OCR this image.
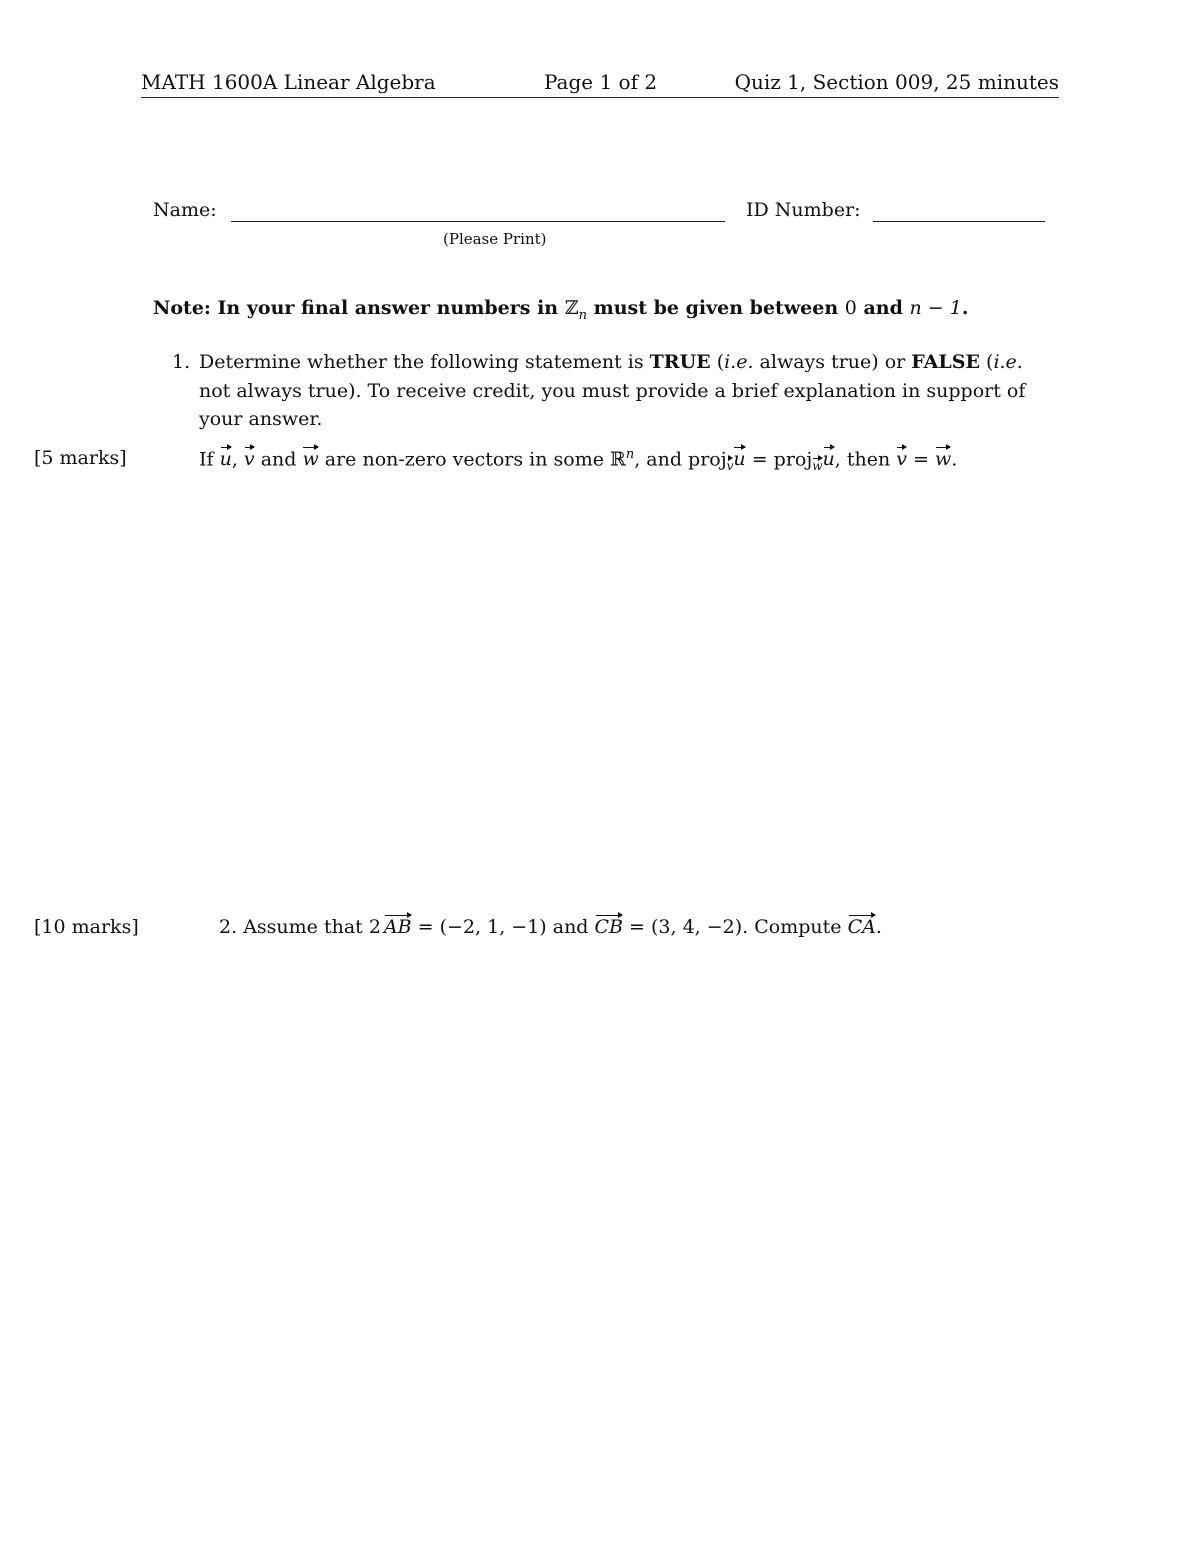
MATH 1600A Linear Algebra	Page 1 of 2	Quiz 1, Section 009, 25 minutes
Name:	ID Number:
(Please Print)
Note: In your final answer numbers in ℤ$_n$ must be given between 0 and n − 1.
1. Determine whether the following statement is TRUE (i.e. always true) or FALSE (i.e. not always true). To receive credit, you must provide a brief explanation in support of your answer.
[5 marks]	If u, v and w are non-zero vectors in some ℝ$^n$, and proj$_v$u = proj$_w$u, then v = w.
[10 marks]	2. Assume that 2 AB = (−2, 1, −1) and CB = (3, 4, −2). Compute CA.
